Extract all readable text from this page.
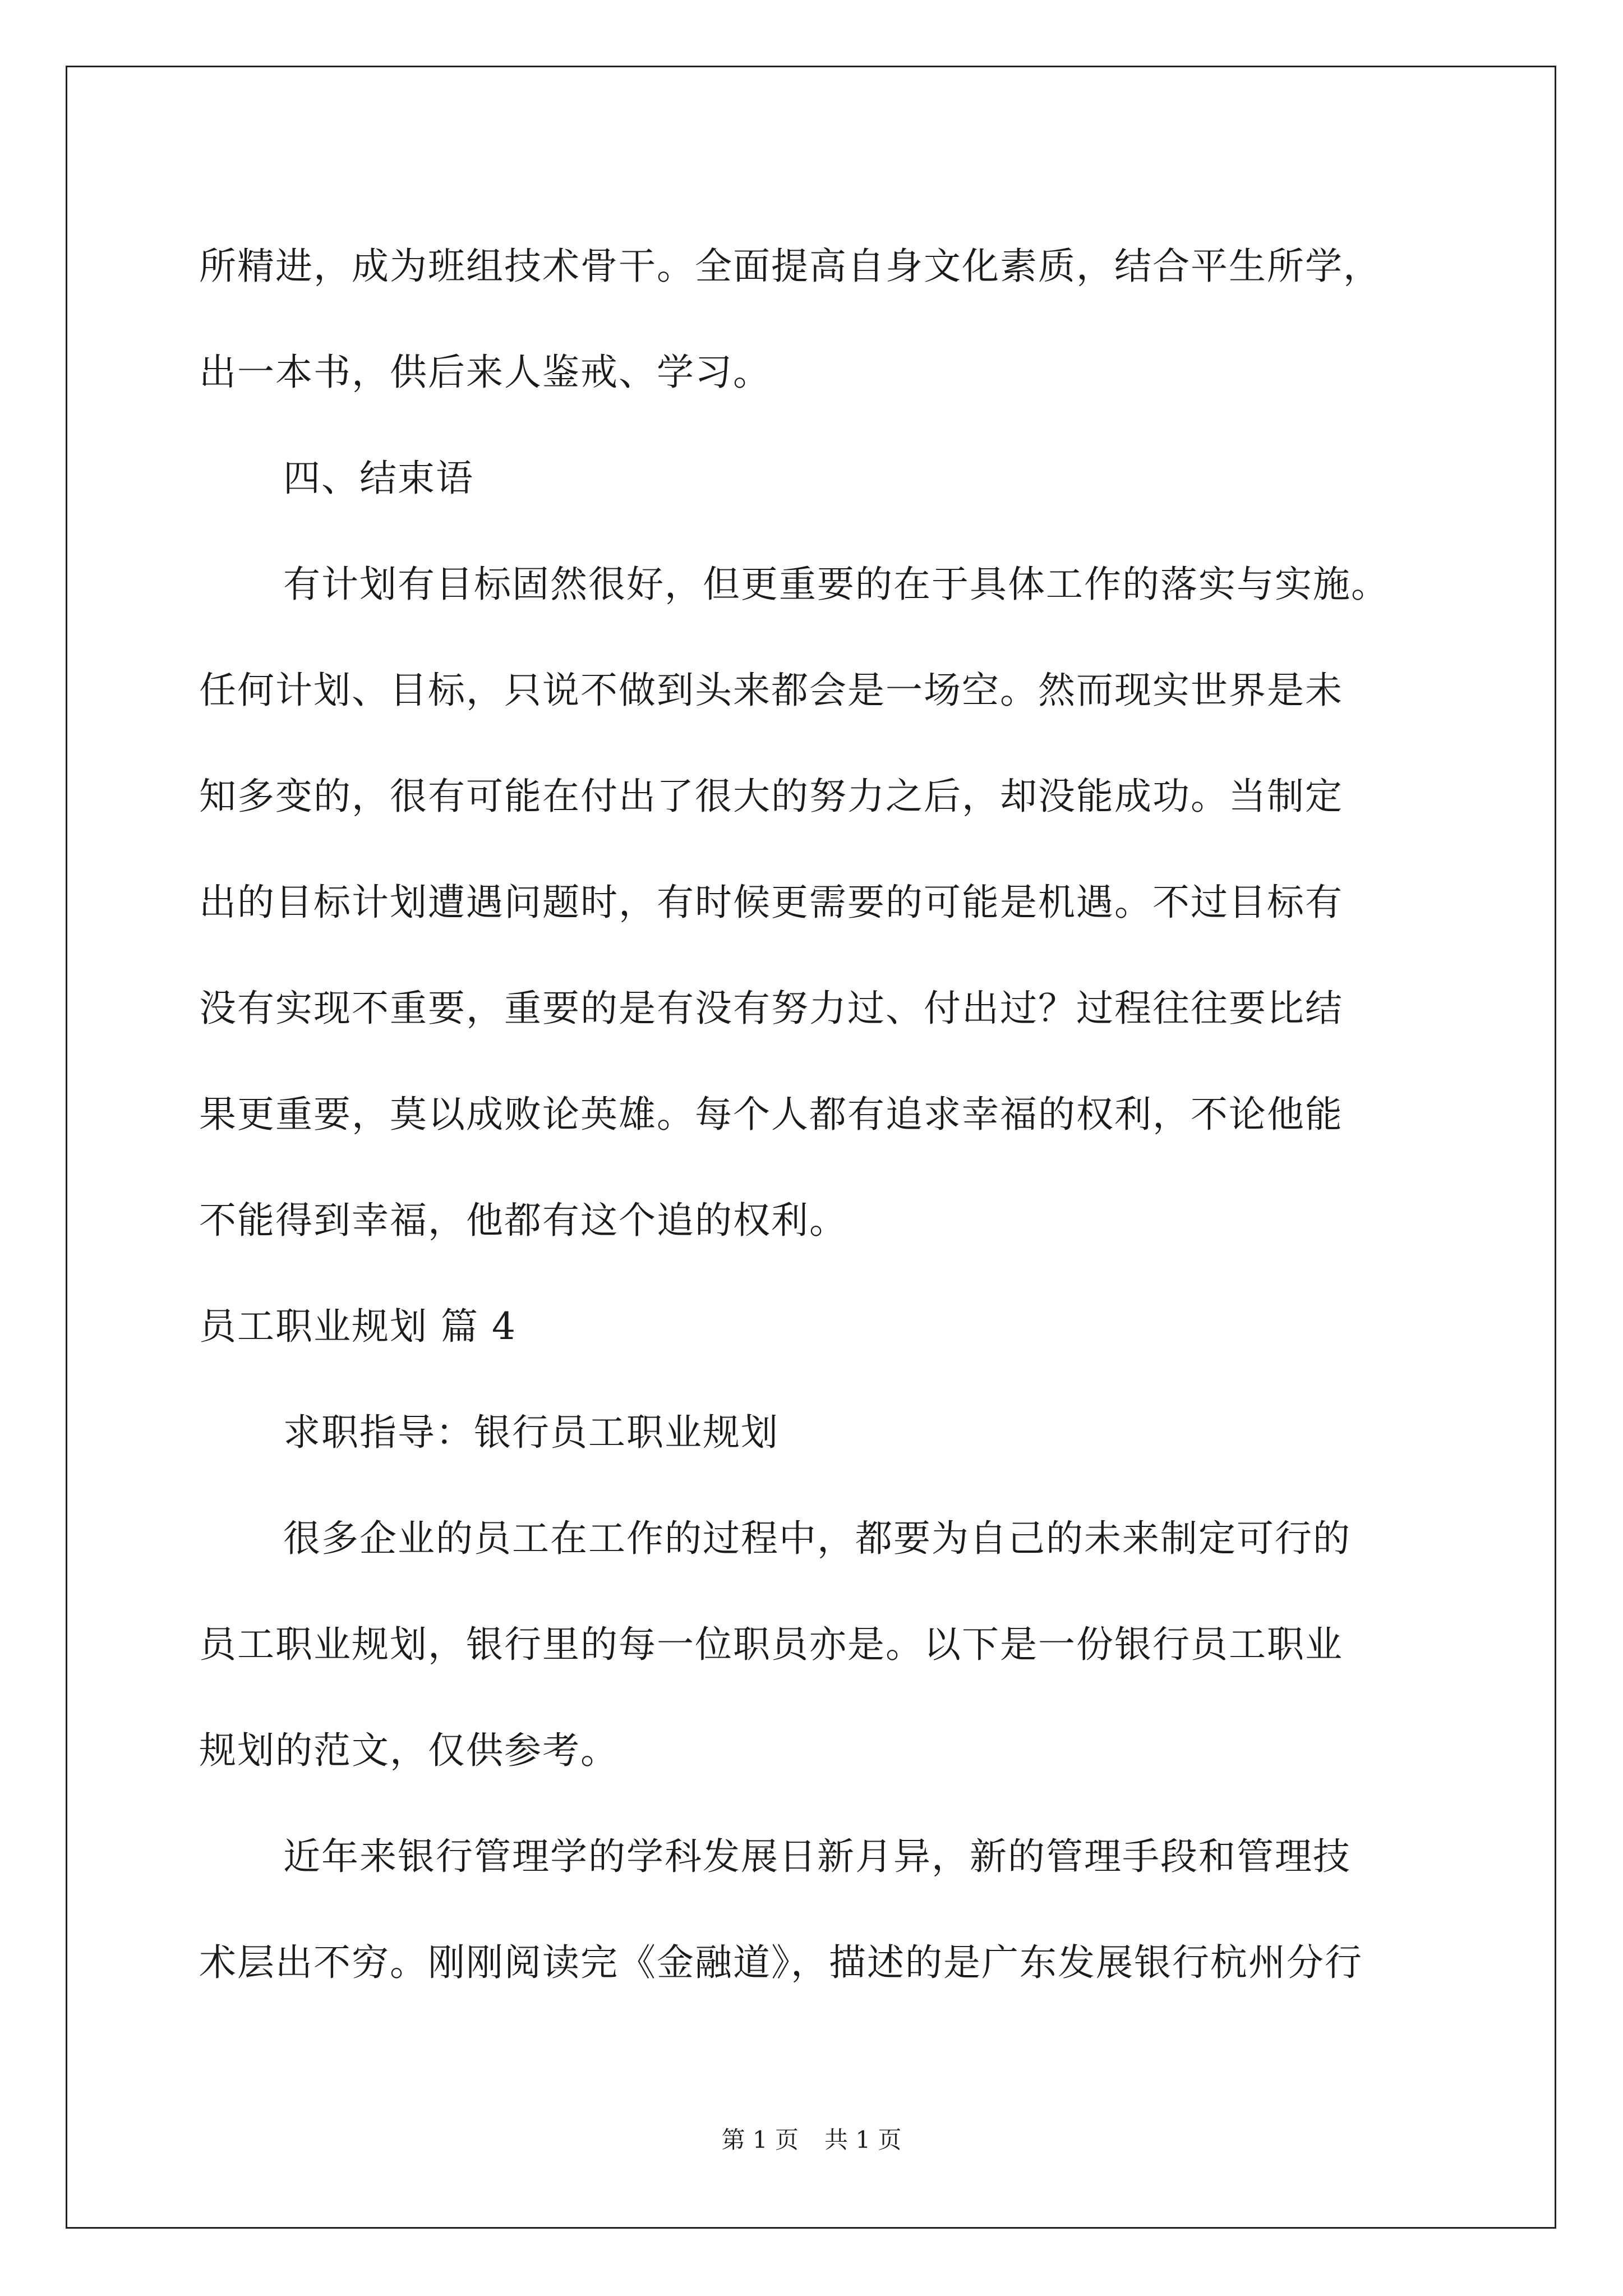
所精进，成为班组技术骨干。全面提高自身文化素质，结合平生所学，
出一本书，供后来人鉴戒、学习。
四、结束语
有计划有目标固然很好，但更重要的在于具体工作的落实与实施。
任何计划、目标，只说不做到头来都会是一场空。然而现实世界是未
知多变的，很有可能在付出了很大的努力之后，却没能成功。当制定
出的目标计划遭遇问题时，有时候更需要的可能是机遇。不过目标有
没有实现不重要，重要的是有没有努力过、付出过？过程往往要比结
果更重要，莫以成败论英雄。每个人都有追求幸福的权利，不论他能
不能得到幸福，他都有这个追的权利。
员工职业规划 篇 4
求职指导：银行员工职业规划
很多企业的员工在工作的过程中，都要为自己的未来制定可行的
员工职业规划，银行里的每一位职员亦是。以下是一份银行员工职业
规划的范文，仅供参考。
近年来银行管理学的学科发展日新月异，新的管理手段和管理技
术层出不穷。刚刚阅读完《金融道》，描述的是广东发展银行杭州分行
第 1 页 共 1 页
